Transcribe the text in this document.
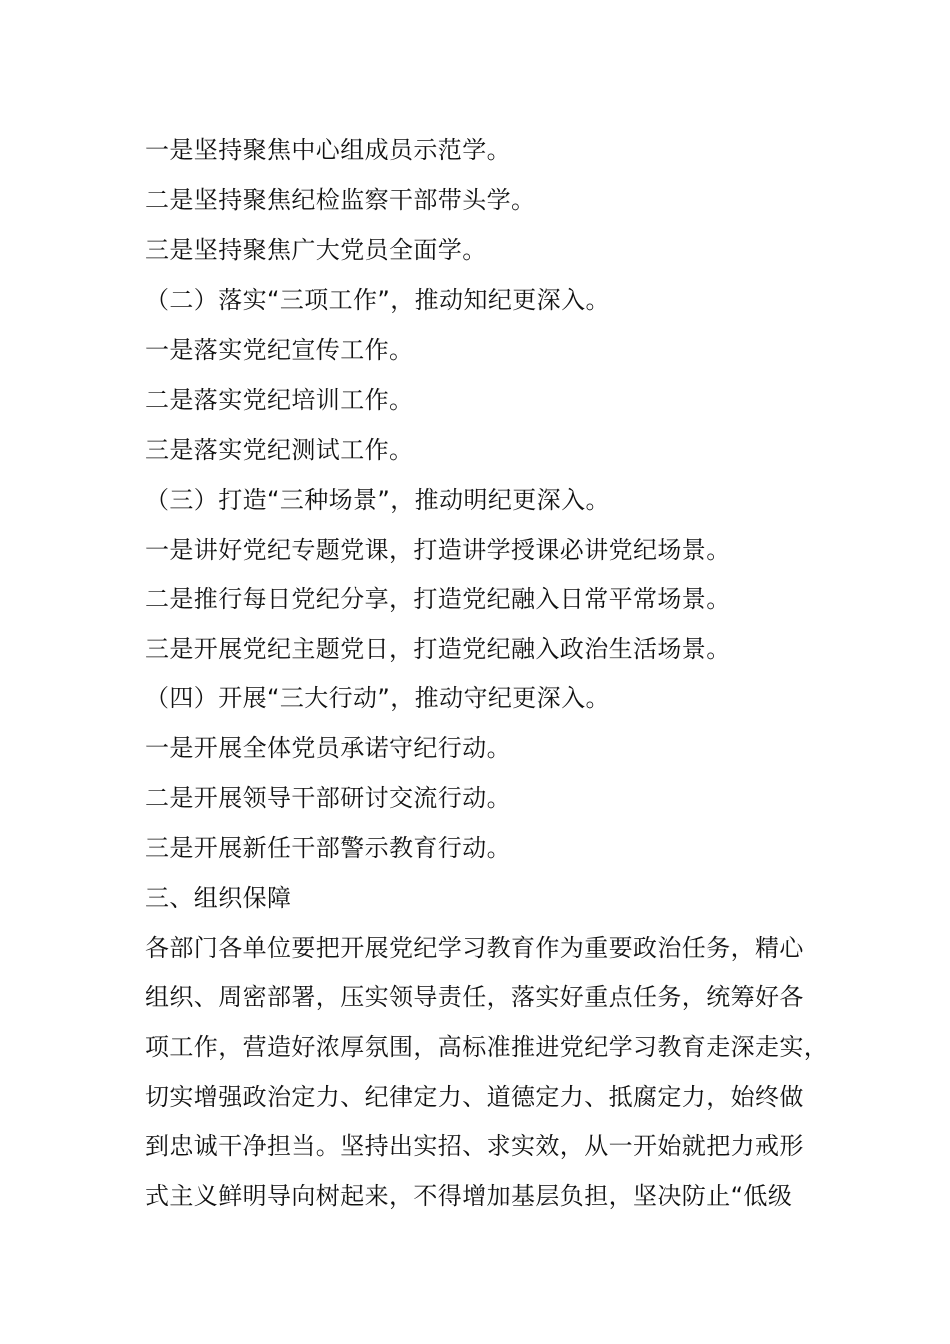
一是坚持聚焦中心组成员示范学。
二是坚持聚焦纪检监察干部带头学。
三是坚持聚焦广大党员全面学。
（二）落实“三项工作”，推动知纪更深入。
一是落实党纪宣传工作。
二是落实党纪培训工作。
三是落实党纪测试工作。
（三）打造“三种场景”，推动明纪更深入。
一是讲好党纪专题党课，打造讲学授课必讲党纪场景。
二是推行每日党纪分享，打造党纪融入日常平常场景。
三是开展党纪主题党日，打造党纪融入政治生活场景。
（四）开展“三大行动”，推动守纪更深入。
一是开展全体党员承诺守纪行动。
二是开展领导干部研讨交流行动。
三是开展新任干部警示教育行动。
三、组织保障
各部门各单位要把开展党纪学习教育作为重要政治任务，精心
组织、周密部署，压实领导责任，落实好重点任务，统筹好各
项工作，营造好浓厚氛围，高标准推进党纪学习教育走深走实，
切实增强政治定力、纪律定力、道德定力、抵腐定力，始终做
到忠诚干净担当。坚持出实招、求实效，从一开始就把力戒形
式主义鲜明导向树起来，不得增加基层负担，坚决防止“低级
